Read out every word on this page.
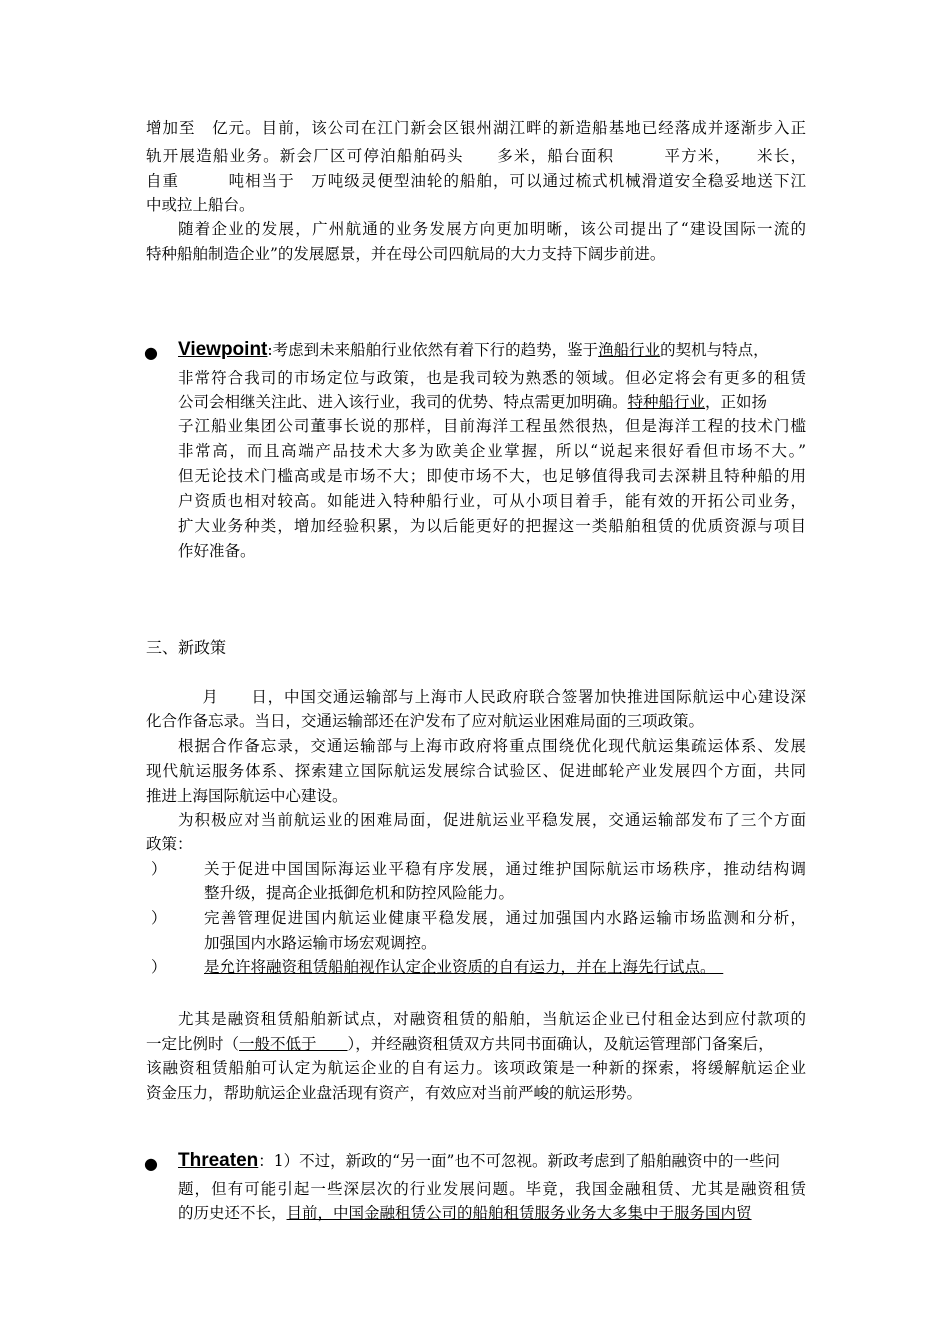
增加至　亿元。目前，该公司在江门新会区银州湖江畔的新造船基地已经落成并逐渐步入正
轨开展造船业务。新会厂区可停泊船舶码头　　多米，船台面积　　　平方米，　　米长，
自重　　　吨相当于　万吨级灵便型油轮的船舶，可以通过梳式机械滑道安全稳妥地送下江
中或拉上船台。
随着企业的发展，广州航通的业务发展方向更加明晰，该公司提出了“建设国际一流的
特种船舶制造企业”的发展愿景，并在母公司四航局的大力支持下阔步前进。
● Viewpoint:考虑到未来船舶行业依然有着下行的趋势，鉴于渔船行业的契机与特点，
非常符合我司的市场定位与政策，也是我司较为熟悉的领域。但必定将会有更多的租赁
公司会相继关注此、进入该行业，我司的优势、特点需更加明确。特种船行业，正如扬
子江船业集团公司董事长说的那样，目前海洋工程虽然很热，但是海洋工程的技术门槛
非常高，而且高端产品技术大多为欧美企业掌握，所以“说起来很好看但市场不大。”
但无论技术门槛高或是市场不大；即使市场不大，也足够值得我司去深耕且特种船的用
户资质也相对较高。如能进入特种船行业，可从小项目着手，能有效的开拓公司业务，
扩大业务种类，增加经验积累，为以后能更好的把握这一类船舶租赁的优质资源与项目
作好准备。
三、新政策
　月　　日，中国交通运输部与上海市人民政府联合签署加快推进国际航运中心建设深
化合作备忘录。当日，交通运输部还在沪发布了应对航运业困难局面的三项政策。
根据合作备忘录，交通运输部与上海市政府将重点围绕优化现代航运集疏运体系、发展
现代航运服务体系、探索建立国际航运发展综合试验区、促进邮轮产业发展四个方面，共同
推进上海国际航运中心建设。
为积极应对当前航运业的困难局面，促进航运业平稳发展，交通运输部发布了三个方面
政策：
） 关于促进中国国际海运业平稳有序发展，通过维护国际航运市场秩序，推动结构调
整升级，提高企业抵御危机和防控风险能力。
） 完善管理促进国内航运业健康平稳发展，通过加强国内水路运输市场监测和分析，
加强国内水路运输市场宏观调控。
） 是允许将融资租赁船舶视作认定企业资质的自有运力，并在上海先行试点。　
尤其是融资租赁船舶新试点，对融资租赁的船舶，当航运企业已付租金达到应付款项的
一定比例时（一般不低于　　），并经融资租赁双方共同书面确认，及航运管理部门备案后，
该融资租赁船舶可认定为航运企业的自有运力。该项政策是一种新的探索，将缓解航运企业
资金压力，帮助航运企业盘活现有资产，有效应对当前严峻的航运形势。
● Threaten：1）不过，新政的“另一面”也不可忽视。新政考虑到了船舶融资中的一些问
题，但有可能引起一些深层次的行业发展问题。毕竟，我国金融租赁、尤其是融资租赁
的历史还不长，目前，中国金融租赁公司的船舶租赁服务业务大多集中于服务国内贸
